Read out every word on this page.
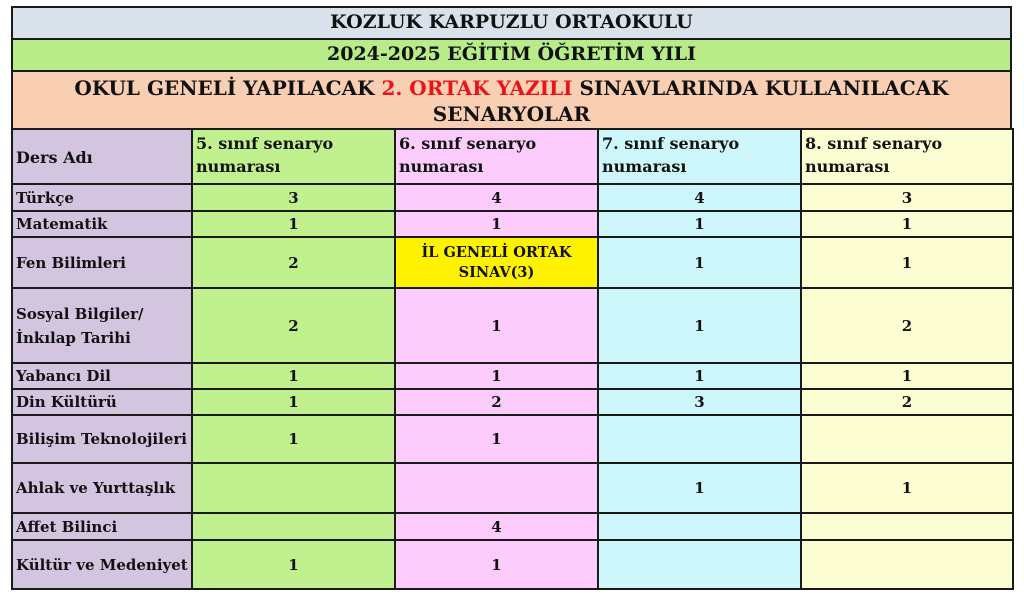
KOZLUK KARPUZLU ORTAOKULU
2024-2025 EĞİTİM ÖĞRETİM YILI
OKUL GENELİ YAPILACAK 2. ORTAK YAZILI SINAVLARINDA KULLANILACAK
SENARYOLAR
Ders Adı	5. sınıf senaryo numarası	6. sınıf senaryo numarası	7. sınıf senaryo numarası	8. sınıf senaryo numarası
Türkçe	3	4	4	3
Matematik	1	1	1	1
Fen Bilimleri	2	İL GENELİ ORTAK SINAV(3)	1	1
Sosyal Bilgiler/İnkılap Tarihi	2	1	1	2
Yabancı Dil	1	1	1	1
Din Kültürü	1	2	3	2
Bilişim Teknolojileri	1	1		
Ahlak ve Yurttaşlık			1	1
Affet Bilinci		4		
Kültür ve Medeniyet	1	1		
